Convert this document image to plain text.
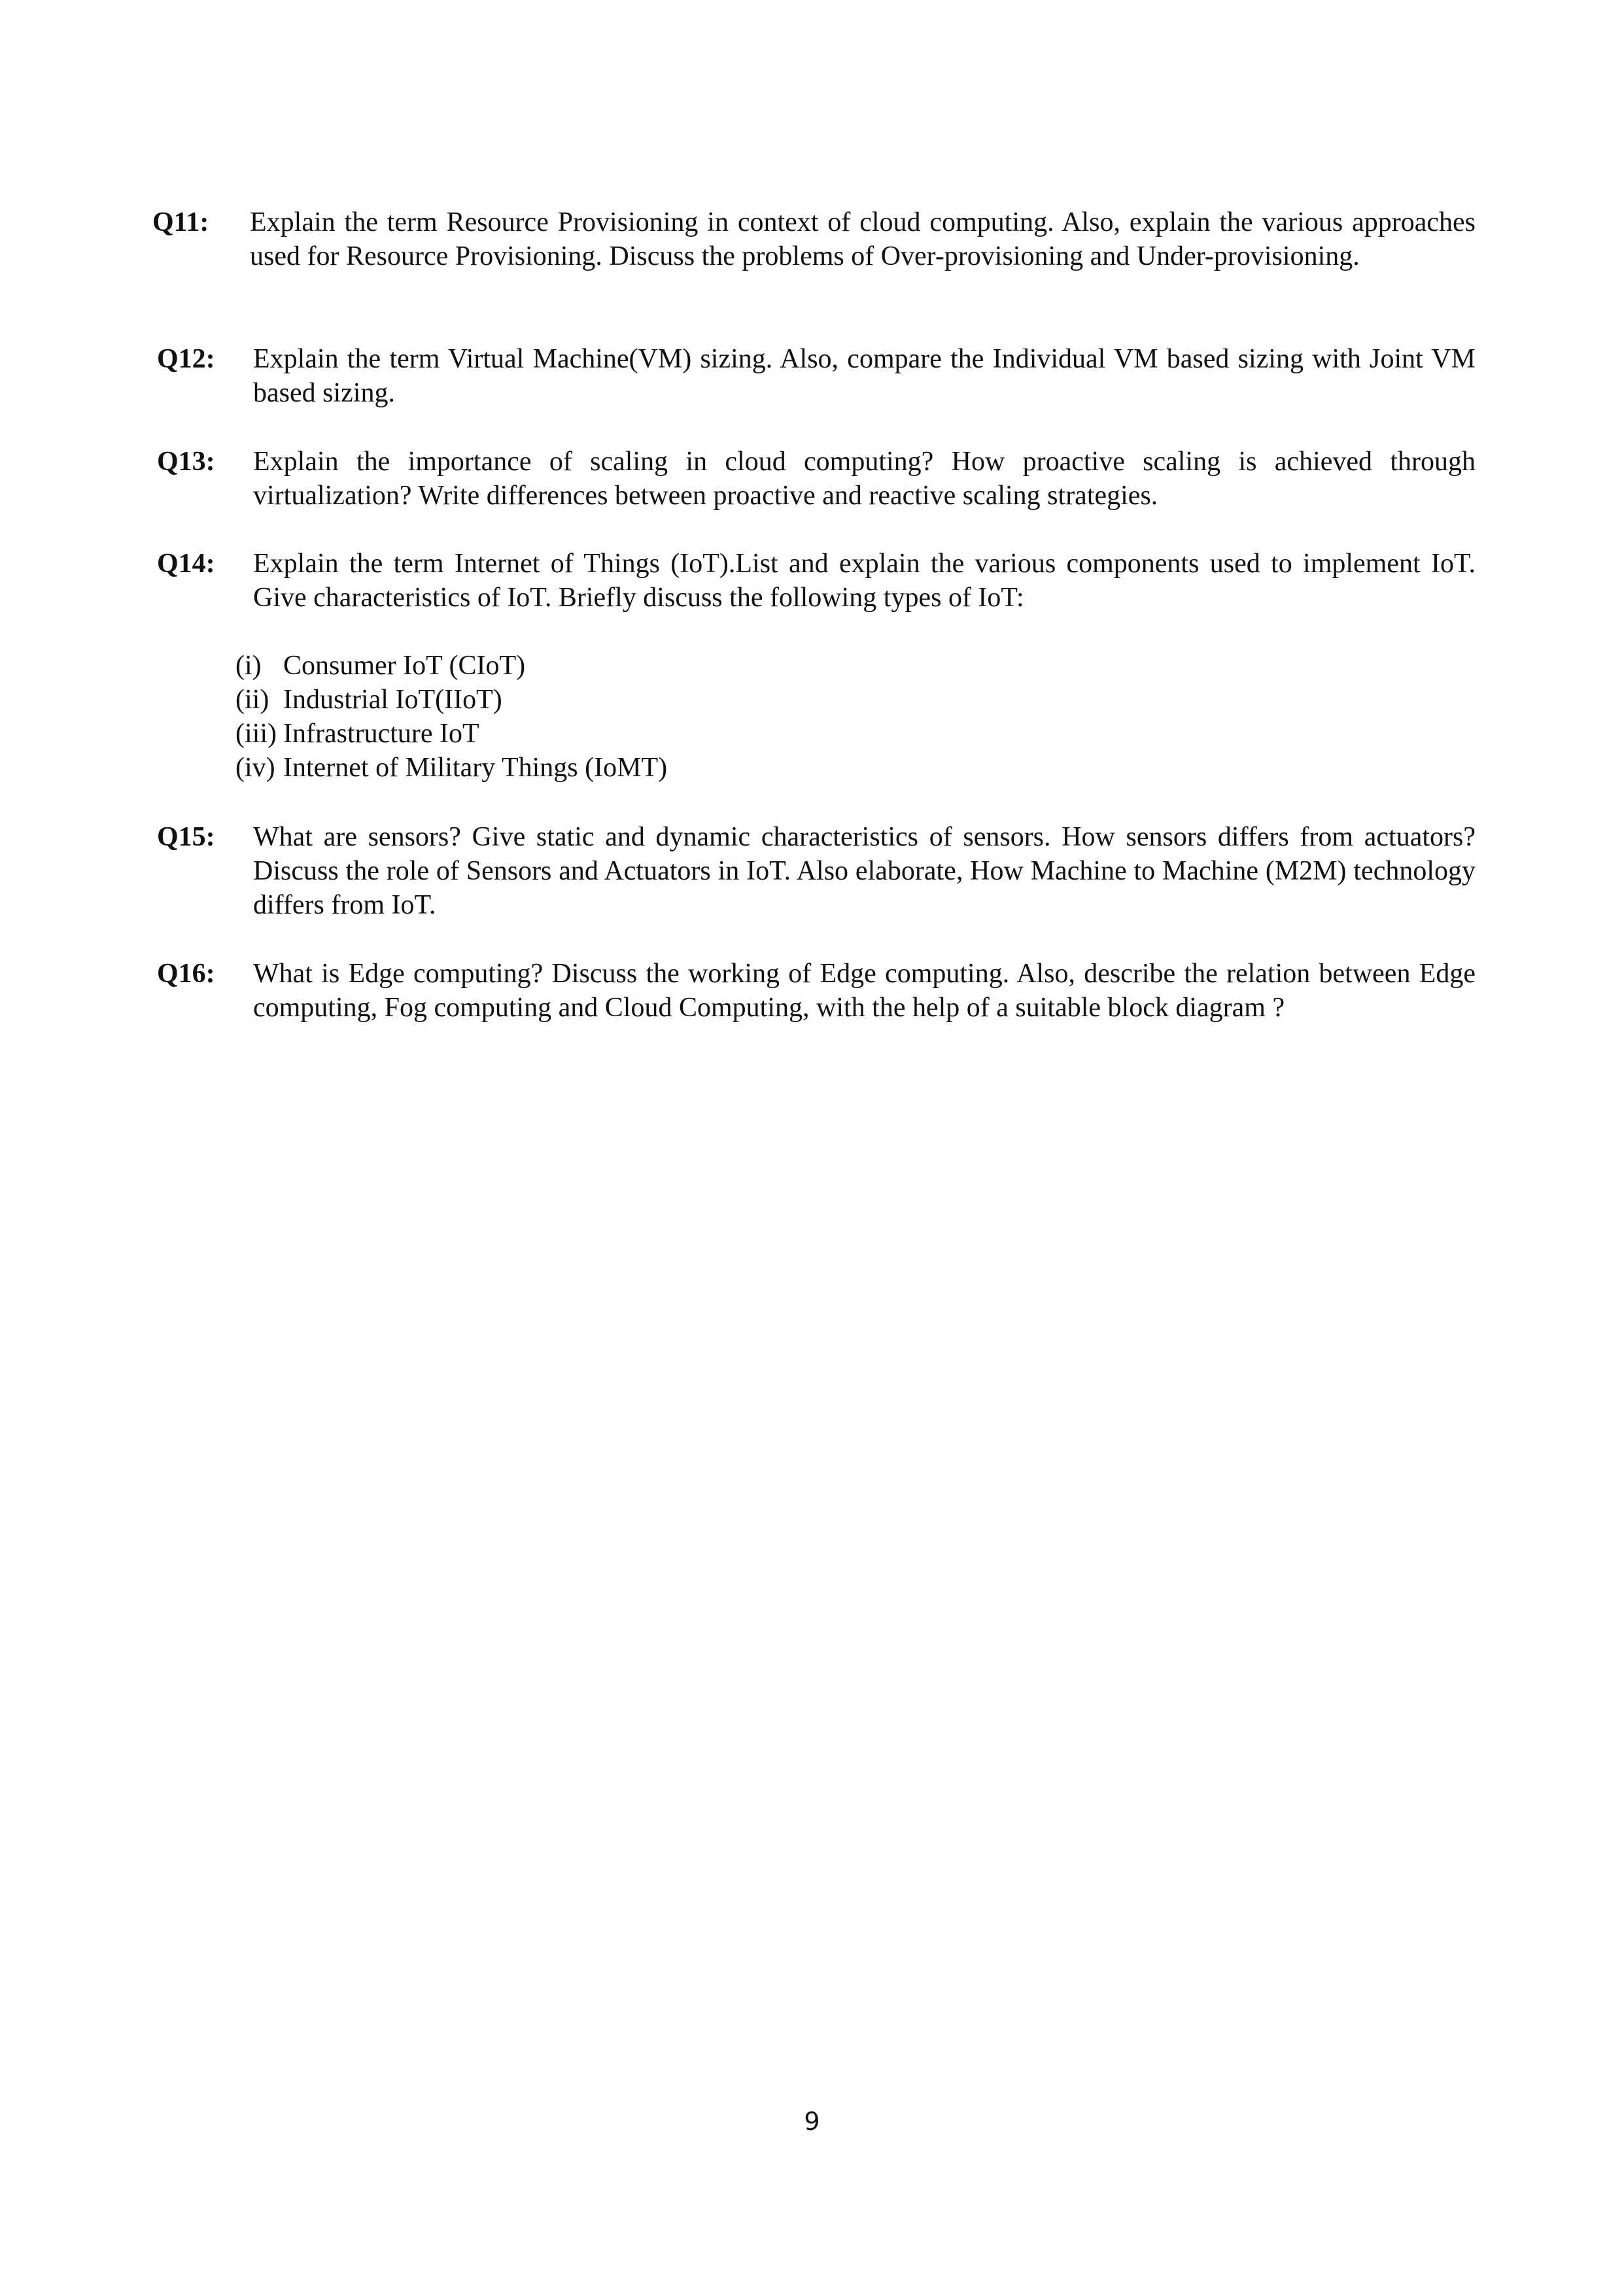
Q11: Explain the term Resource Provisioning in context of cloud computing. Also, explain the various approaches used for Resource Provisioning. Discuss the problems of Over-provisioning and Under-provisioning.
Q12: Explain the term Virtual Machine(VM) sizing. Also, compare the Individual VM based sizing with Joint VM based sizing.
Q13: Explain the importance of scaling in cloud computing? How proactive scaling is achieved through virtualization? Write differences between proactive and reactive scaling strategies.
Q14: Explain the term Internet of Things (IoT).List and explain the various components used to implement IoT. Give characteristics of IoT. Briefly discuss the following types of IoT:
(i) Consumer IoT (CIoT)
(ii) Industrial IoT(IIoT)
(iii) Infrastructure IoT
(iv) Internet of Military Things (IoMT)
Q15: What are sensors? Give static and dynamic characteristics of sensors. How sensors differs from actuators? Discuss the role of Sensors and Actuators in IoT. Also elaborate, How Machine to Machine (M2M) technology differs from IoT.
Q16: What is Edge computing? Discuss the working of Edge computing. Also, describe the relation between Edge computing, Fog computing and Cloud Computing, with the help of a suitable block diagram ?
9
